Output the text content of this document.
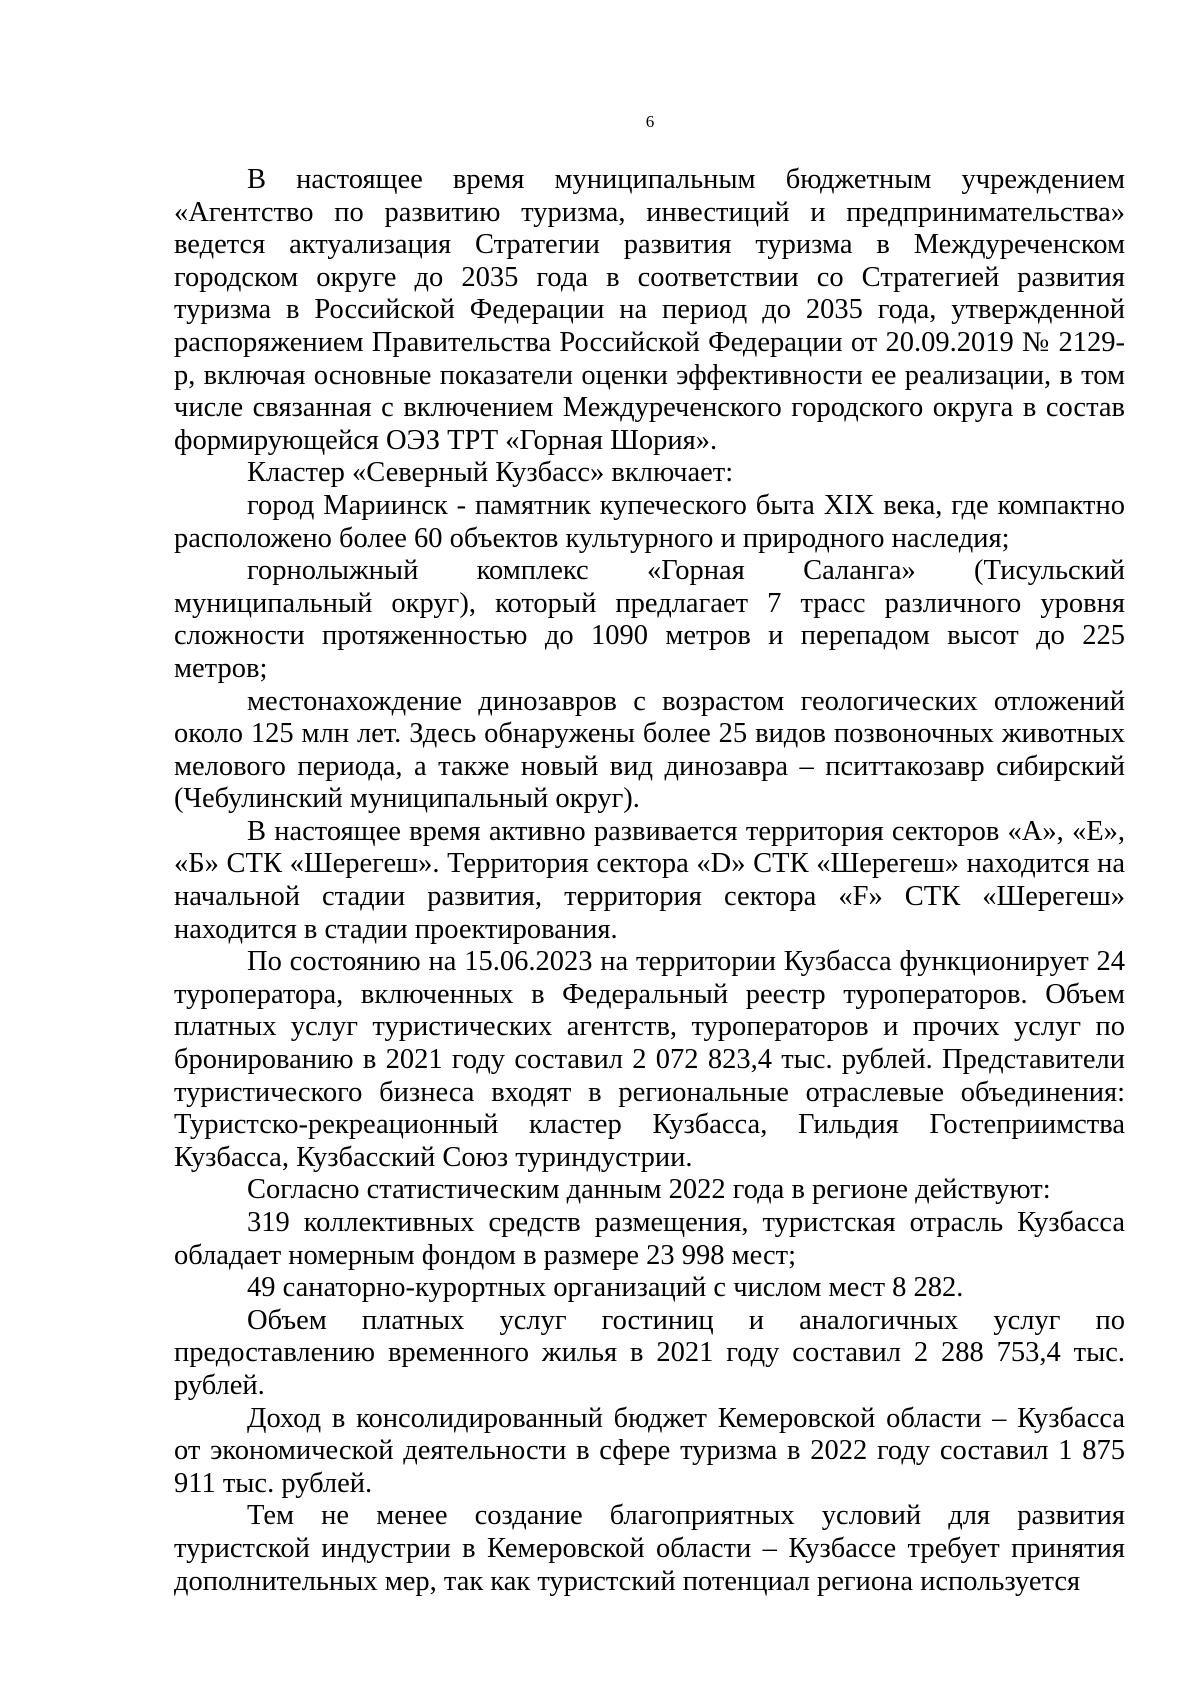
6

В настоящее время муниципальным бюджетным учреждением «Агентство по развитию туризма, инвестиций и предпринимательства» ведется актуализация Стратегии развития туризма в Междуреченском городском округе до 2035 года в соответствии со Стратегией развития туризма в Российской Федерации на период до 2035 года, утвержденной распоряжением Правительства Российской Федерации от 20.09.2019 № 2129-р, включая основные показатели оценки эффективности ее реализации, в том числе связанная с включением Междуреченского городского округа в состав формирующейся ОЭЗ ТРТ «Горная Шория».

Кластер «Северный Кузбасс» включает:

город Мариинск - памятник купеческого быта XIX века, где компактно расположено более 60 объектов культурного и природного наследия;

горнолыжный комплекс «Горная Саланга» (Тисульский муниципальный округ), который предлагает 7 трасс различного уровня сложности протяженностью до 1090 метров и перепадом высот до 225 метров;

местонахождение динозавров с возрастом геологических отложений около 125 млн лет. Здесь обнаружены более 25 видов позвоночных животных мелового периода, а также новый вид динозавра – пситтакозавр сибирский (Чебулинский муниципальный округ).

В настоящее время активно развивается территория секторов «А», «Е», «Б» СТК «Шерегеш». Территория сектора «D» СТК «Шерегеш» находится на начальной стадии развития, территория сектора «F» СТК «Шерегеш» находится в стадии проектирования.

По состоянию на 15.06.2023 на территории Кузбасса функционирует 24 туроператора, включенных в Федеральный реестр туроператоров. Объем платных услуг туристических агентств, туроператоров и прочих услуг по бронированию в 2021 году составил 2 072 823,4 тыс. рублей. Представители туристического бизнеса входят в региональные отраслевые объединения: Туристско-рекреационный кластер Кузбасса, Гильдия Гостеприимства Кузбасса, Кузбасский Союз туриндустрии.

Согласно статистическим данным 2022 года в регионе действуют:

319 коллективных средств размещения, туристская отрасль Кузбасса обладает номерным фондом в размере 23 998 мест;

49 санаторно-курортных организаций с числом мест 8 282.

Объем платных услуг гостиниц и аналогичных услуг по предоставлению временного жилья в 2021 году составил 2 288 753,4 тыс. рублей.

Доход в консолидированный бюджет Кемеровской области – Кузбасса от экономической деятельности в сфере туризма в 2022 году составил 1 875 911 тыс. рублей.

Тем не менее создание благоприятных условий для развития туристской индустрии в Кемеровской области – Кузбассе требует принятия дополнительных мер, так как туристский потенциал региона используется
